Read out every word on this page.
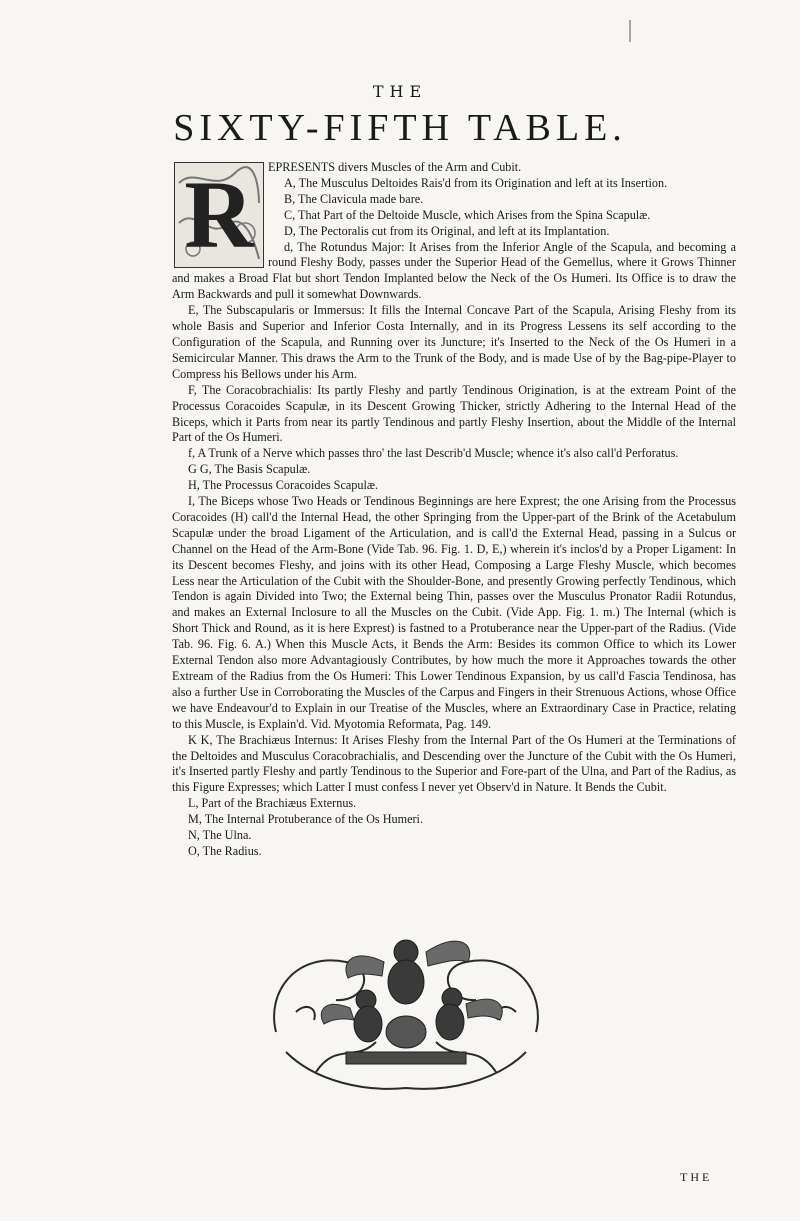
THE
SIXTY-FIFTH TABLE.
R	EPRESENTS divers Muscles of the Arm and Cubit.

A, The Musculus Deltoides Rais'd from its Origination and left at its Insertion.

B, The Clavicula made bare.

C, That Part of the Deltoide Muscle, which Arises from the Spina Scapulæ.

D, The Pectoralis cut from its Original, and left at its Implantation.

d, The Rotundus Major: It Arises from the Inferior Angle of the Scapula, and becoming a round Fleshy Body, passes under the Superior Head of the Gemellus, where it Grows Thinner and makes a Broad Flat but short Tendon Implanted below the Neck of the Os Humeri. Its Office is to draw the Arm Backwards and pull it somewhat Downwards.

E, The Subscapularis or Immersus: It fills the Internal Concave Part of the Scapula, Arising Fleshy from its whole Basis and Superior and Inferior Costa Internally, and in its Progress Lessens its self according to the Configuration of the Scapula, and Running over its Juncture; it's Inserted to the Neck of the Os Humeri in a Semicircular Manner. This draws the Arm to the Trunk of the Body, and is made Use of by the Bag-pipe-Player to Compress his Bellows under his Arm.

F, The Coracobrachialis: Its partly Fleshy and partly Tendinous Origination, is at the extream Point of the Processus Coracoides Scapulæ, in its Descent Growing Thicker, strictly Adhering to the Internal Head of the Biceps, which it Parts from near its partly Tendinous and partly Fleshy Insertion, about the Middle of the Internal Part of the Os Humeri.

f, A Trunk of a Nerve which passes thro' the last Describ'd Muscle; whence it's also call'd Perforatus.

G G, The Basis Scapulæ.

H, The Processus Coracoides Scapulæ.

I, The Biceps whose Two Heads or Tendinous Beginnings are here Exprest; the one Arising from the Processus Coracoides (H) call'd the Internal Head, the other Springing from the Upper-part of the Brink of the Acetabulum Scapulæ under the broad Ligament of the Articulation, and is call'd the External Head, passing in a Sulcus or Channel on the Head of the Arm-Bone (Vide Tab. 96. Fig. 1. D, E,) wherein it's inclos'd by a Proper Ligament: In its Descent becomes Fleshy, and joins with its other Head, Composing a Large Fleshy Muscle, which becomes Less near the Articulation of the Cubit with the Shoulder-Bone, and presently Growing perfectly Tendinous, which Tendon is again Divided into Two; the External being Thin, passes over the Musculus Pronator Radii Rotundus, and makes an External Inclosure to all the Muscles on the Cubit. (Vide App. Fig. 1. m.) The Internal (which is Short Thick and Round, as it is here Exprest) is fastned to a Protuberance near the Upper-part of the Radius. (Vide Tab. 96. Fig. 6. A.) When this Muscle Acts, it Bends the Arm: Besides its common Office to which its Lower External Tendon also more Advantagiously Contributes, by how much the more it Approaches towards the other Extream of the Radius from the Os Humeri: This Lower Tendinous Expansion, by us call'd Fascia Tendinosa, has also a further Use in Corroborating the Muscles of the Carpus and Fingers in their Strenuous Actions, whose Office we have Endeavour'd to Explain in our Treatise of the Muscles, where an Extraordinary Case in Practice, relating to this Muscle, is Explain'd. Vid. Myotomia Reformata, Pag. 149.

K K, The Brachiæus Internus: It Arises Fleshy from the Internal Part of the Os Humeri at the Terminations of the Deltoides and Musculus Coracobrachialis, and Descending over the Juncture of the Cubit with the Os Humeri, it's Inserted partly Fleshy and partly Tendinous to the Superior and Fore-part of the Ulna, and Part of the Radius, as this Figure Expresses; which Latter I must confess I never yet Observ'd in Nature. It Bends the Cubit.

L, Part of the Brachiæus Externus.

M, The Internal Protuberance of the Os Humeri.

N, The Ulna.

O, The Radius.

THE
